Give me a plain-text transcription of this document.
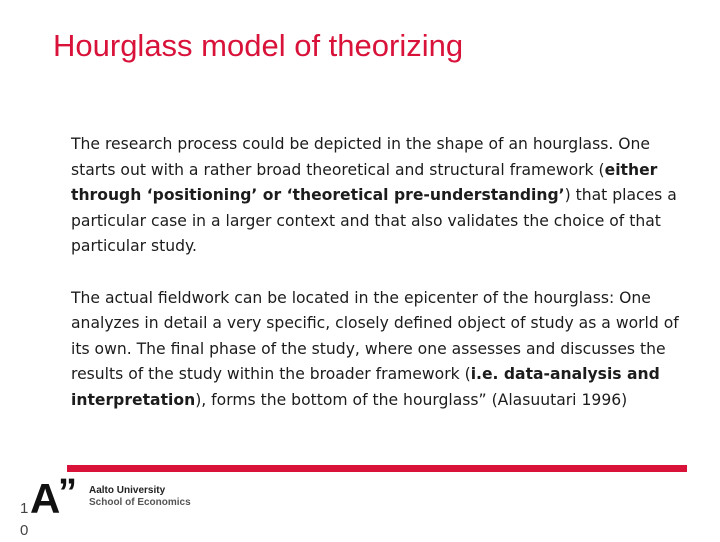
Hourglass model of theorizing

The research process could be depicted in the shape of an hourglass. One starts out with a rather broad theoretical and structural framework (either through ‘positioning’ or ‘theoretical pre-understanding’) that places a particular case in a larger context and that also validates the choice of that particular study.

The actual fieldwork can be located in the epicenter of the hourglass: One analyzes in detail a very specific, closely defined object of study as a world of its own. The final phase of the study, where one assesses and discusses the results of the study within the broader framework (i.e. data-analysis and interpretation), forms the bottom of the hourglass” (Alasuutari 1996)

A
” Aalto University
School of Economics
10
